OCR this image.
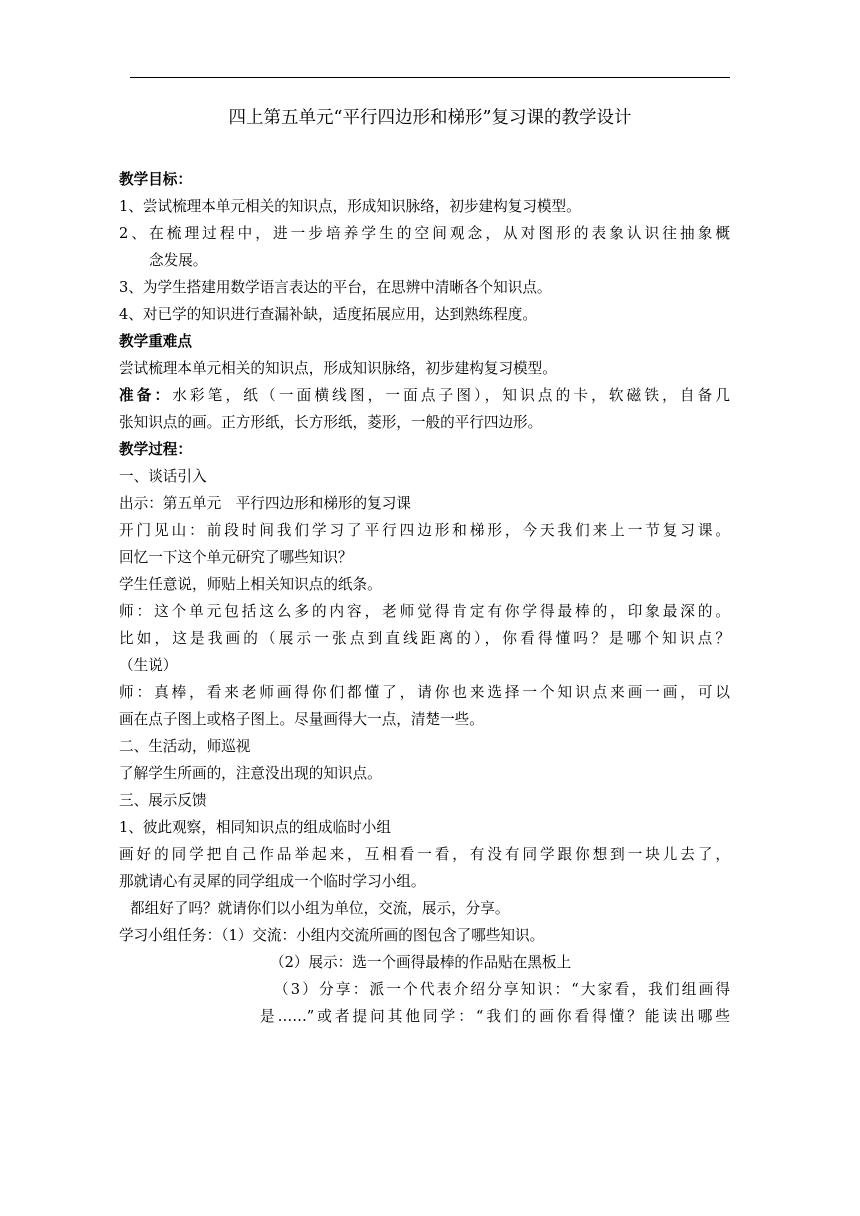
四上第五单元“平行四边形和梯形”复习课的教学设计
教学目标：
1、尝试梳理本单元相关的知识点，形成知识脉络，初步建构复习模型。
2、在梳理过程中，进一步培养学生的空间观念，从对图形的表象认识往抽象概
念发展。
3、为学生搭建用数学语言表达的平台，在思辨中清晰各个知识点。
4、对已学的知识进行查漏补缺，适度拓展应用，达到熟练程度。
教学重难点
尝试梳理本单元相关的知识点，形成知识脉络，初步建构复习模型。
准备：水彩笔，纸（一面横线图，一面点子图），知识点的卡，软磁铁，自备几
张知识点的画。正方形纸，长方形纸，菱形，一般的平行四边形。
教学过程：
一、谈话引入
出示：第五单元　平行四边形和梯形的复习课
开门见山：前段时间我们学习了平行四边形和梯形，今天我们来上一节复习课。
回忆一下这个单元研究了哪些知识？
学生任意说，师贴上相关知识点的纸条。
师：这个单元包括这么多的内容，老师觉得肯定有你学得最棒的，印象最深的。
比如，这是我画的（展示一张点到直线距离的），你看得懂吗？是哪个知识点？
（生说）
师：真棒，看来老师画得你们都懂了，请你也来选择一个知识点来画一画，可以
画在点子图上或格子图上。尽量画得大一点，清楚一些。
二、生活动，师巡视
了解学生所画的，注意没出现的知识点。
三、展示反馈
1、彼此观察，相同知识点的组成临时小组
画好的同学把自己作品举起来，互相看一看，有没有同学跟你想到一块儿去了，
那就请心有灵犀的同学组成一个临时学习小组。
都组好了吗？就请你们以小组为单位，交流，展示，分享。
学习小组任务：（1）交流：小组内交流所画的图包含了哪些知识。
（2）展示：选一个画得最棒的作品贴在黑板上
（3）分享：派一个代表介绍分享知识：“大家看，我们组画得
是……”或者提问其他同学：“我们的画你看得懂？能读出哪些
